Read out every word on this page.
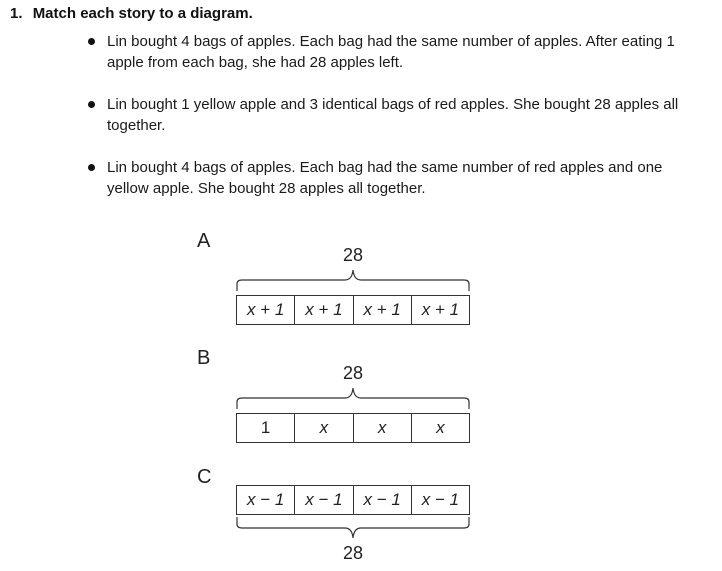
1. Match each story to a diagram.
Lin bought 4 bags of apples. Each bag had the same number of apples. After eating 1 apple from each bag, she had 28 apples left.
Lin bought 1 yellow apple and 3 identical bags of red apples. She bought 28 apples all together.
Lin bought 4 bags of apples. Each bag had the same number of red apples and one yellow apple. She bought 28 apples all together.
A
28
x + 1	x + 1	x + 1	x + 1
B
28
1	x	x	x
C
x − 1	x − 1	x − 1	x − 1
28
